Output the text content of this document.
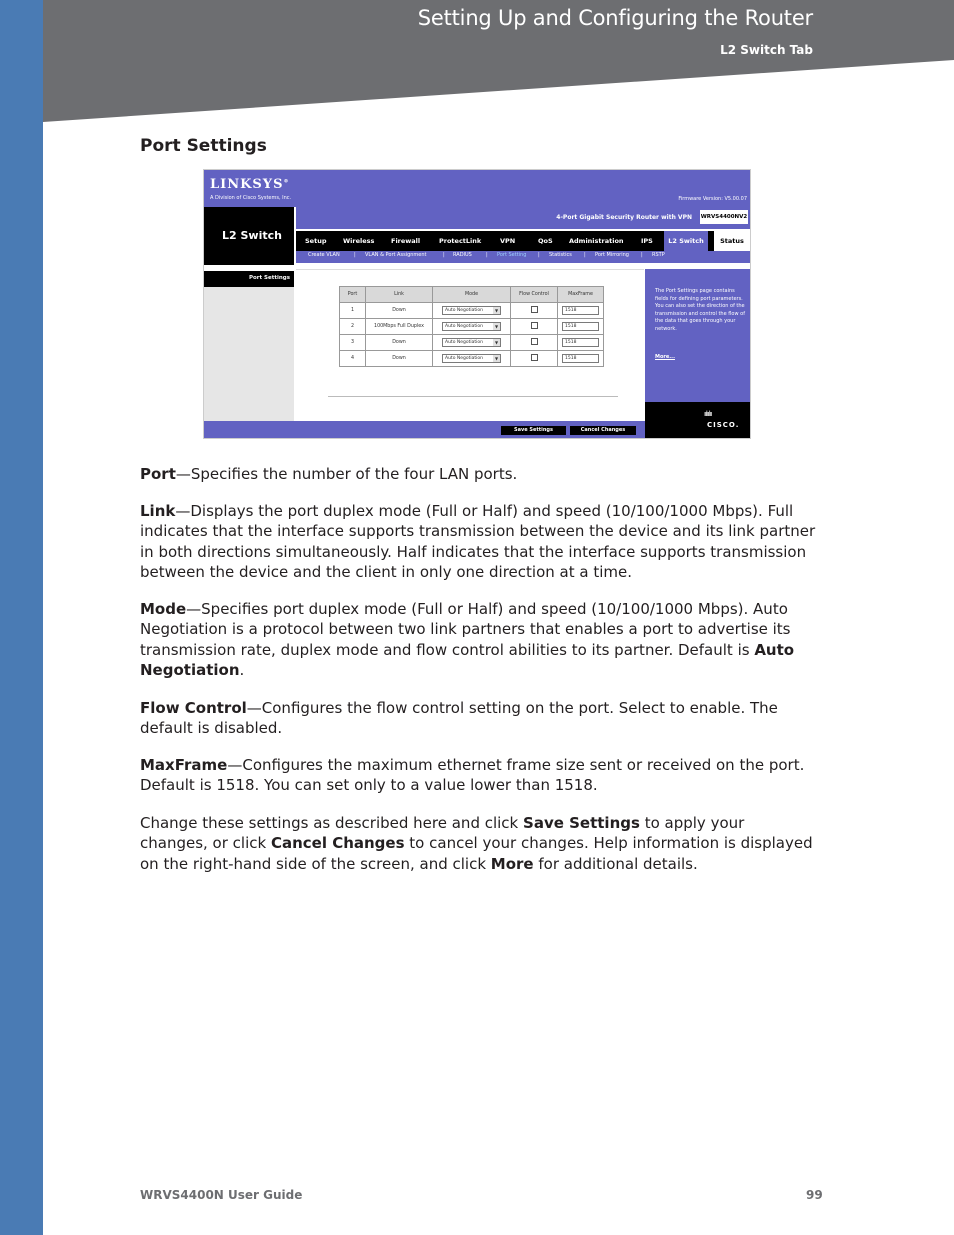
Setting Up and Configuring the Router
L2 Switch Tab
Port Settings
LINKSYS®
A Division of Cisco Systems, Inc.	Firmware Version: V5.00.07
L2 Switch
4-Port Gigabit Security Router with VPN WRVS4400NV2
Setup	Wireless	Firewall	ProtectLink	VPN	QoS	Administration	IPS	L2 Switch	Status
Create VLAN	| VLAN & Port Assignment	| RADIUS	| Port Setting | Statistics | Port Mirroring | RSTP
Port Settings
Port	Link	Mode	Flow Control	MaxFrame
1	Down	Auto Negotiation ▼		1518
2	100Mbps Full Duplex	Auto Negotiation ▼		1518
3	Down	Auto Negotiation ▼		1518
4	Down	Auto Negotiation ▼		1518
The Port Settings page contains fields for defining port parameters. You can also set the direction of the transmission and control the flow of the data that goes through your network.
More...
ıılıılıı
CISCO.
Save Settings	Cancel Changes
Port—Specifies the number of the four LAN ports.
Link—Displays the port duplex mode (Full or Half) and speed (10/100/1000 Mbps). Full indicates that the interface supports transmission between the device and its link partner in both directions simultaneously. Half indicates that the interface supports transmission between the device and the client in only one direction at a time.
Mode—Specifies port duplex mode (Full or Half) and speed (10/100/1000 Mbps). Auto Negotiation is a protocol between two link partners that enables a port to advertise its transmission rate, duplex mode and flow control abilities to its partner. Default is Auto Negotiation.
Flow Control—Configures the flow control setting on the port. Select to enable. The default is disabled.
MaxFrame—Configures the maximum ethernet frame size sent or received on the port. Default is 1518. You can set only to a value lower than 1518.
Change these settings as described here and click Save Settings to apply your changes, or click Cancel Changes to cancel your changes. Help information is displayed on the right-hand side of the screen, and click More for additional details.
WRVS4400N User Guide	99
